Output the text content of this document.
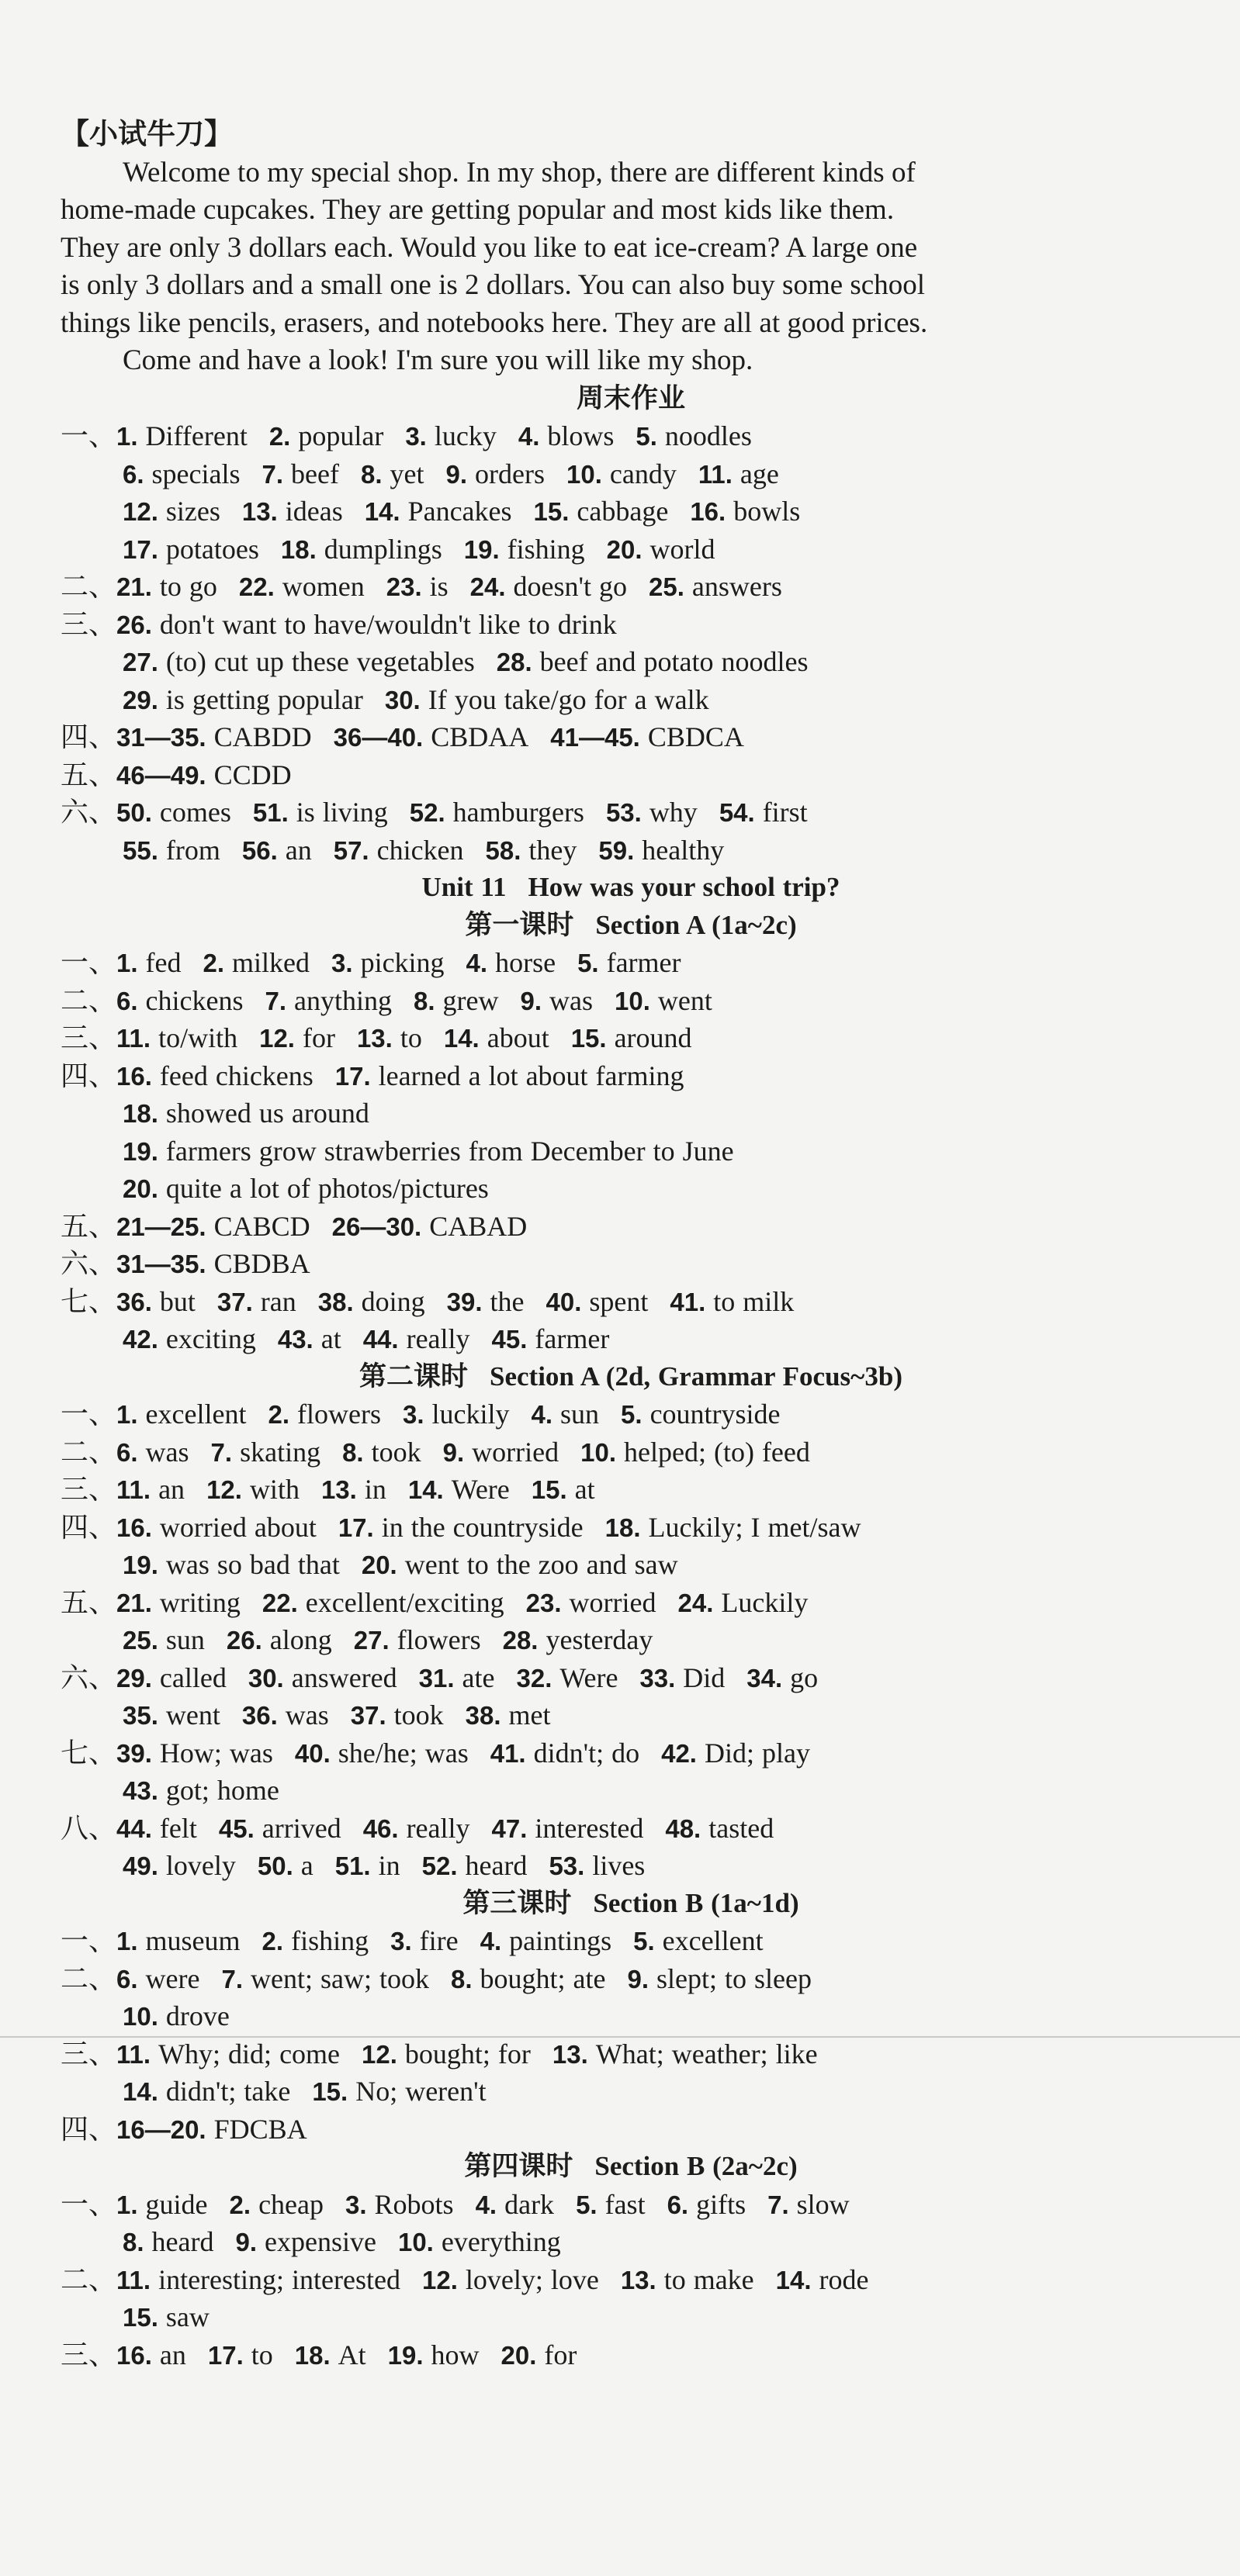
【小试牛刀】
Welcome to my special shop. In my shop, there are different kinds of
home-made cupcakes. They are getting popular and most kids like them.
They are only 3 dollars each. Would you like to eat ice-cream? A large one
is only 3 dollars and a small one is 2 dollars. You can also buy some school
things like pencils, erasers, and notebooks here. They are all at good prices.
Come and have a look! I'm sure you will like my shop.
周末作业
一、1. Different 2. popular 3. lucky 4. blows 5. noodles
6. specials 7. beef 8. yet 9. orders 10. candy 11. age
12. sizes 13. ideas 14. Pancakes 15. cabbage 16. bowls
17. potatoes 18. dumplings 19. fishing 20. world
二、21. to go 22. women 23. is 24. doesn't go 25. answers
三、26. don't want to have/wouldn't like to drink
27. (to) cut up these vegetables 28. beef and potato noodles
29. is getting popular 30. If you take/go for a walk
四、31—35. CABDD 36—40. CBDAA 41—45. CBDCA
五、46—49. CCDD
六、50. comes 51. is living 52. hamburgers 53. why 54. first
55. from 56. an 57. chicken 58. they 59. healthy
Unit 11 How was your school trip?
第一课时 Section A (1a~2c)
一、1. fed 2. milked 3. picking 4. horse 5. farmer
二、6. chickens 7. anything 8. grew 9. was 10. went
三、11. to/with 12. for 13. to 14. about 15. around
四、16. feed chickens 17. learned a lot about farming
18. showed us around
19. farmers grow strawberries from December to June
20. quite a lot of photos/pictures
五、21—25. CABCD 26—30. CABAD
六、31—35. CBDBA
七、36. but 37. ran 38. doing 39. the 40. spent 41. to milk
42. exciting 43. at 44. really 45. farmer
第二课时 Section A (2d, Grammar Focus~3b)
一、1. excellent 2. flowers 3. luckily 4. sun 5. countryside
二、6. was 7. skating 8. took 9. worried 10. helped; (to) feed
三、11. an 12. with 13. in 14. Were 15. at
四、16. worried about 17. in the countryside 18. Luckily; I met/saw
19. was so bad that 20. went to the zoo and saw
五、21. writing 22. excellent/exciting 23. worried 24. Luckily
25. sun 26. along 27. flowers 28. yesterday
六、29. called 30. answered 31. ate 32. Were 33. Did 34. go
35. went 36. was 37. took 38. met
七、39. How; was 40. she/he; was 41. didn't; do 42. Did; play
43. got; home
八、44. felt 45. arrived 46. really 47. interested 48. tasted
49. lovely 50. a 51. in 52. heard 53. lives
第三课时 Section B (1a~1d)
一、1. museum 2. fishing 3. fire 4. paintings 5. excellent
二、6. were 7. went; saw; took 8. bought; ate 9. slept; to sleep
10. drove
三、11. Why; did; come 12. bought; for 13. What; weather; like
14. didn't; take 15. No; weren't
四、16—20. FDCBA
第四课时 Section B (2a~2c)
一、1. guide 2. cheap 3. Robots 4. dark 5. fast 6. gifts 7. slow
8. heard 9. expensive 10. everything
二、11. interesting; interested 12. lovely; love 13. to make 14. rode
15. saw
三、16. an 17. to 18. At 19. how 20. for
